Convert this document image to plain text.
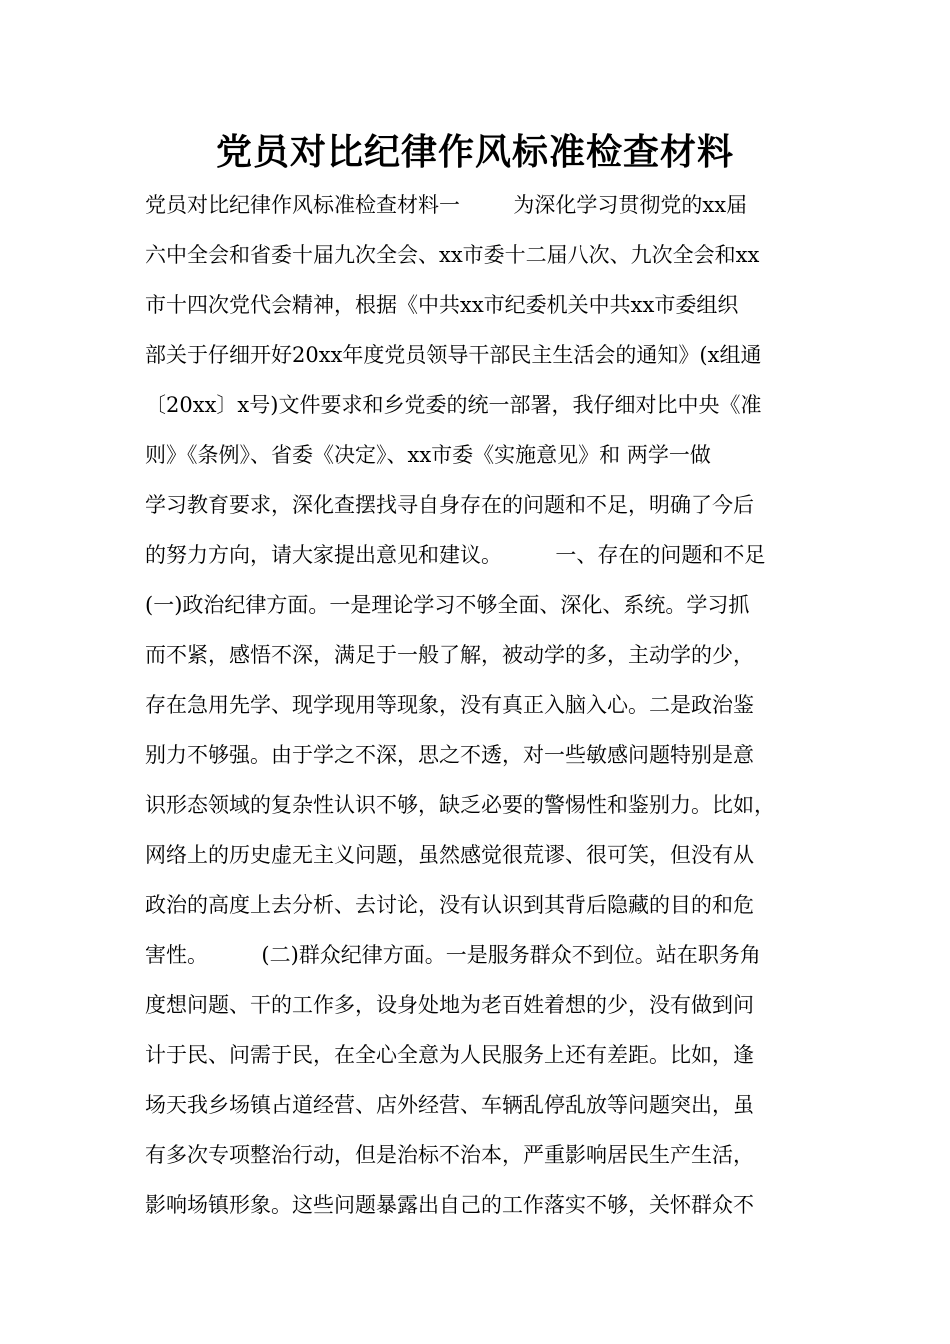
党员对比纪律作风标准检查材料
党员对比纪律作风标准检查材料一        为深化学习贯彻党的xx届
六中全会和省委十届九次全会、xx市委十二届八次、九次全会和xx
市十四次党代会精神，根据《中共xx市纪委机关中共xx市委组织
部关于仔细开好20xx年度党员领导干部民主生活会的通知》(x组通
〔20xx〕x号)文件要求和乡党委的统一部署，我仔细对比中央《准
则》《条例》、省委《决定》、xx市委《实施意见》和 两学一做
学习教育要求，深化查摆找寻自身存在的问题和不足，明确了今后
的努力方向，请大家提出意见和建议。        一、存在的问题和不足
(一)政治纪律方面。一是理论学习不够全面、深化、系统。学习抓
而不紧，感悟不深，满足于一般了解，被动学的多，主动学的少，
存在急用先学、现学现用等现象，没有真正入脑入心。二是政治鉴
别力不够强。由于学之不深，思之不透，对一些敏感问题特别是意
识形态领域的复杂性认识不够，缺乏必要的警惕性和鉴别力。比如，
网络上的历史虚无主义问题，虽然感觉很荒谬、很可笑，但没有从
政治的高度上去分析、去讨论，没有认识到其背后隐藏的目的和危
害性。        (二)群众纪律方面。一是服务群众不到位。站在职务角
度想问题、干的工作多，设身处地为老百姓着想的少，没有做到问
计于民、问需于民，在全心全意为人民服务上还有差距。比如，逢
场天我乡场镇占道经营、店外经营、车辆乱停乱放等问题突出，虽
有多次专项整治行动，但是治标不治本，严重影响居民生产生活，
影响场镇形象。这些问题暴露出自己的工作落实不够，关怀群众不
